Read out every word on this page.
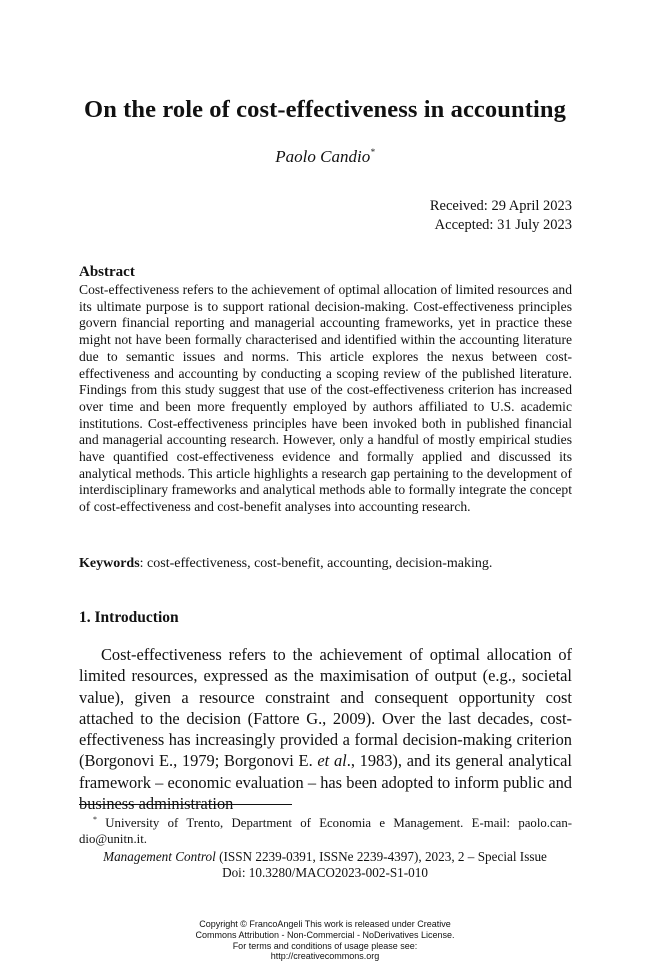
On the role of cost-effectiveness in accounting
Paolo Candio*
Received: 29 April 2023
Accepted: 31 July 2023
Abstract
Cost-effectiveness refers to the achievement of optimal allocation of limited resources and its ultimate purpose is to support rational decision-making. Cost-effectiveness principles govern financial reporting and managerial accounting frameworks, yet in practice these might not have been formally characterised and identified within the accounting literature due to semantic issues and norms. This article explores the nexus between cost-effectiveness and accounting by conducting a scoping review of the published literature. Findings from this study suggest that use of the cost-effectiveness criterion has increased over time and been more frequently employed by authors affiliated to U.S. academic institutions. Cost-effectiveness principles have been invoked both in published financial and managerial accounting research. However, only a handful of mostly empirical studies have quantified cost-effectiveness evidence and formally applied and discussed its analytical methods. This article highlights a research gap pertaining to the development of interdisciplinary frameworks and analytical methods able to formally integrate the concept of cost-effectiveness and cost-benefit analyses into accounting research.
Keywords: cost-effectiveness, cost-benefit, accounting, decision-making.
1. Introduction
Cost-effectiveness refers to the achievement of optimal allocation of limited resources, expressed as the maximisation of output (e.g., societal value), given a resource constraint and consequent opportunity cost attached to the decision (Fattore G., 2009). Over the last decades, cost-effectiveness has increasingly provided a formal decision-making criterion (Borgonovi E., 1979; Borgonovi E. et al., 1983), and its general analytical framework – economic evaluation – has been adopted to inform public and business administration
* University of Trento, Department of Economia e Management. E-mail: paolo.candio@unitn.it.
Management Control (ISSN 2239-0391, ISSNe 2239-4397), 2023, 2 – Special Issue
Doi: 10.3280/MACO2023-002-S1-010
Copyright © FrancoAngeli This work is released under Creative
Commons Attribution - Non-Commercial - NoDerivatives License.
For terms and conditions of usage please see:
http://creativecommons.org
